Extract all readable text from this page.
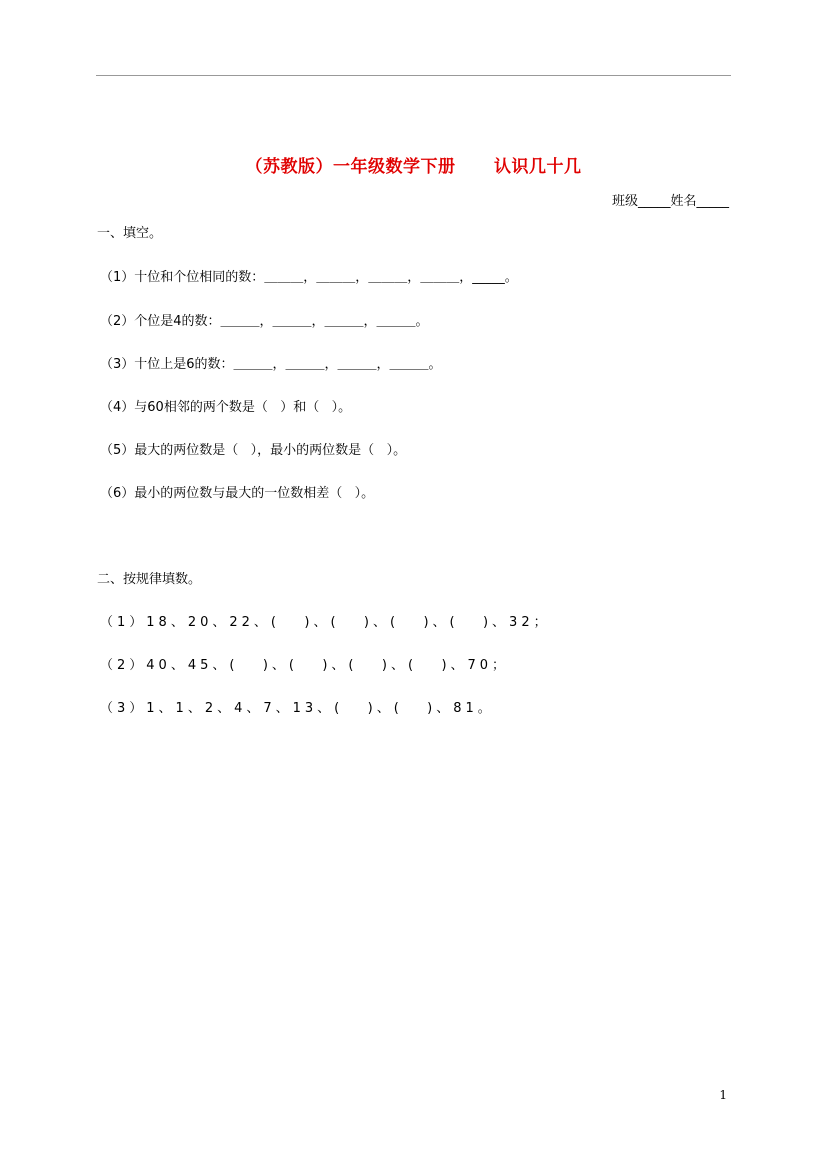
（苏教版）一年级数学下册      认识几十几
班级_____姓名_____
一、填空。
（1）十位和个位相同的数：＿＿＿，＿＿＿，＿＿＿，＿＿＿，_____。
（2）个位是4的数：＿＿＿，＿＿＿，＿＿＿，＿＿＿。
（3）十位上是6的数：＿＿＿，＿＿＿，＿＿＿，＿＿＿。
（4）与60相邻的两个数是（   ）和（   ）。
（5）最大的两位数是（   ），最小的两位数是（   ）。
（6）最小的两位数与最大的一位数相差（   ）。
二、按规律填数。
（1）18、20、22、(   )、(   )、(   )、(   )、32；
（2）40、45、(   )、(   )、(   )、(   )、70；
（3）1、1、2、4、7、13、(   )、(   )、81。
1
